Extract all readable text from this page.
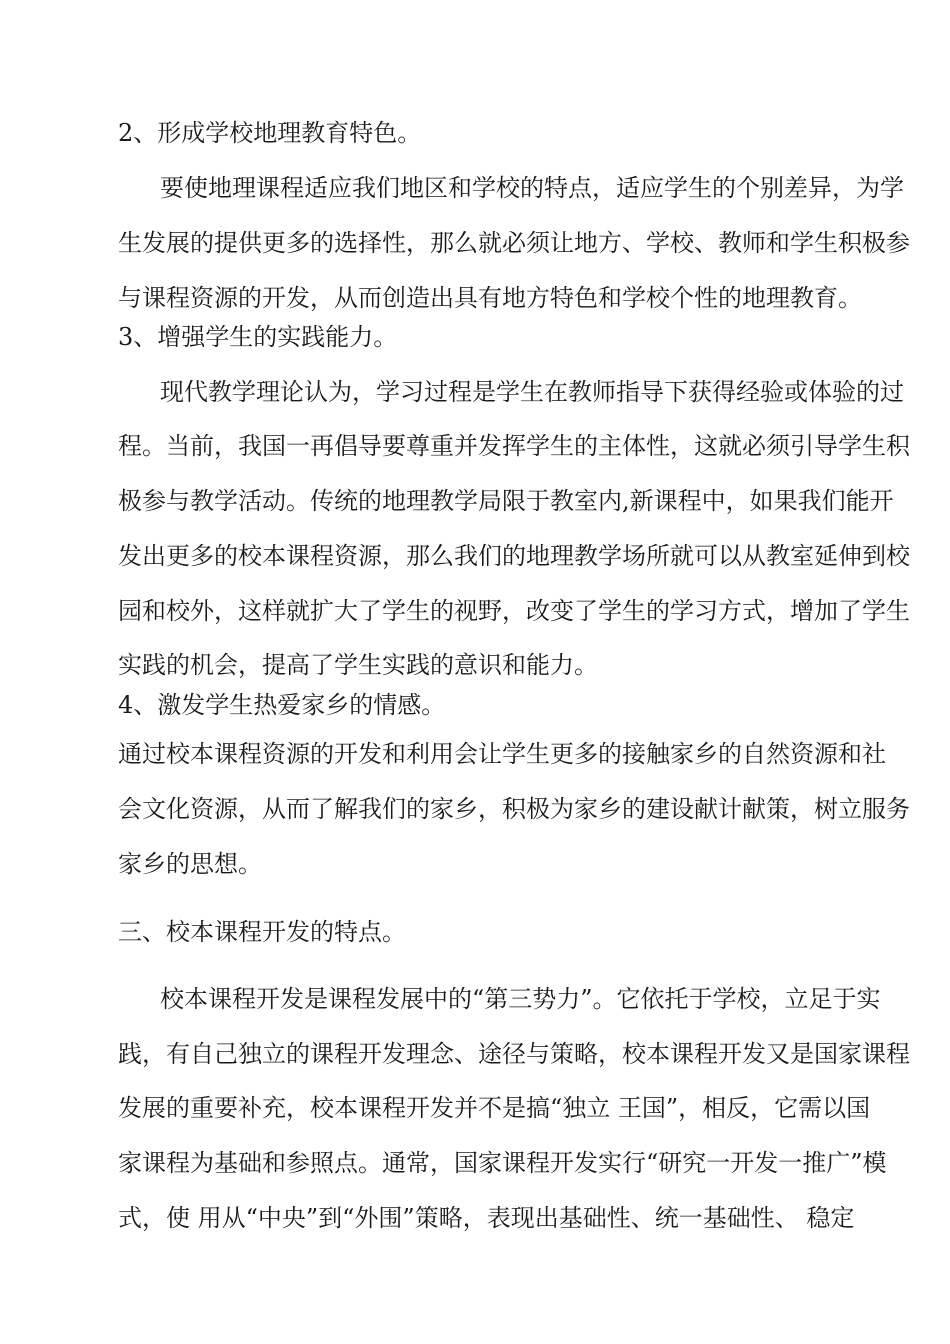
2、形成学校地理教育特色。
要使地理课程适应我们地区和学校的特点，适应学生的个别差异，为学
生发展的提供更多的选择性，那么就必须让地方、学校、教师和学生积极参
与课程资源的开发，从而创造出具有地方特色和学校个性的地理教育。
3、增强学生的实践能力。
现代教学理论认为，学习过程是学生在教师指导下获得经验或体验的过
程。当前，我国一再倡导要尊重并发挥学生的主体性，这就必须引导学生积
极参与教学活动。传统的地理教学局限于教室内,新课程中，如果我们能开
发出更多的校本课程资源，那么我们的地理教学场所就可以从教室延伸到校
园和校外，这样就扩大了学生的视野，改变了学生的学习方式，增加了学生
实践的机会，提高了学生实践的意识和能力。
4、激发学生热爱家乡的情感。
通过校本课程资源的开发和利用会让学生更多的接触家乡的自然资源和社
会文化资源，从而了解我们的家乡，积极为家乡的建设献计献策，树立服务
家乡的思想。
三、校本课程开发的特点。
校本课程开发是课程发展中的“第三势力”。它依托于学校，立足于实
践，有自己独立的课程开发理念、途径与策略，校本课程开发又是国家课程
发展的重要补充，校本课程开发并不是搞“独立 王国”，相反，它需以国
家课程为基础和参照点。通常，国家课程开发实行“研究一开发一推广”模
式，使 用从“中央”到“外围”策略，表现出基础性、统一基础性、 稳定
